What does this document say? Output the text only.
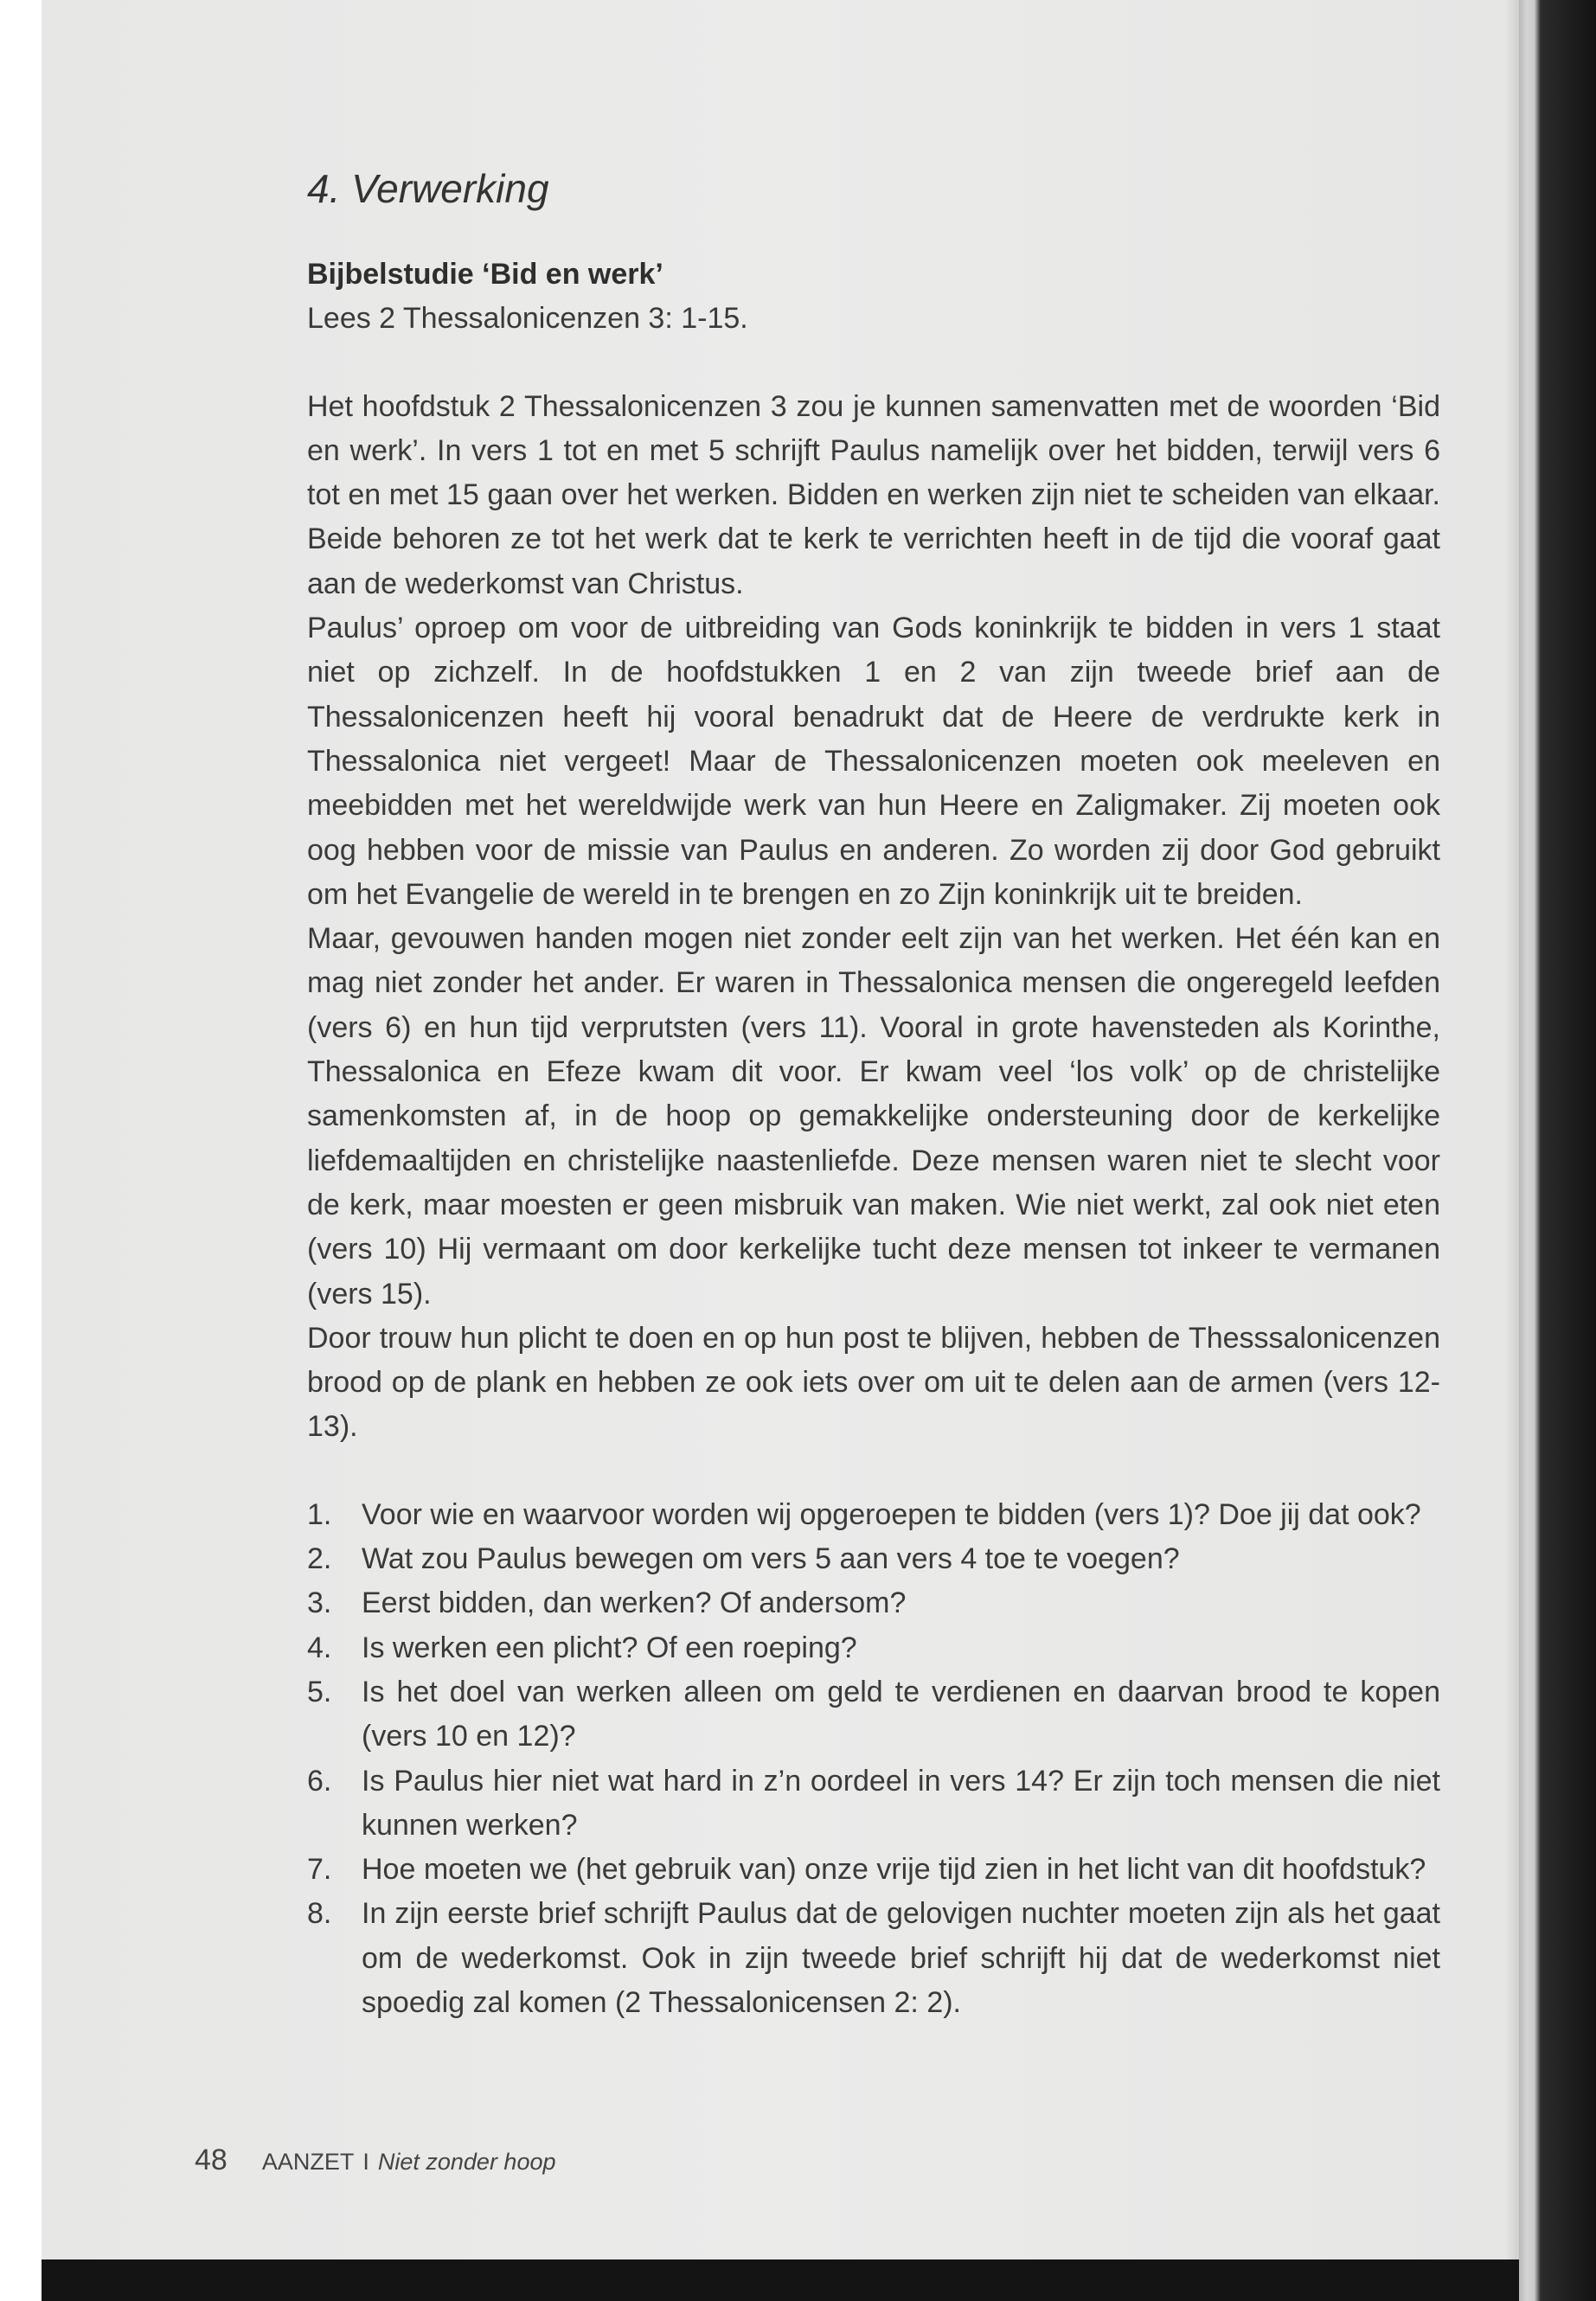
4. Verwerking

Bijbelstudie ‘Bid en werk’

Lees 2 Thessalonicenzen 3: 1-15.

Het hoofdstuk 2 Thessalonicenzen 3 zou je kunnen samenvatten met de woorden ‘Bid en werk’. In vers 1 tot en met 5 schrijft Paulus namelijk over het bidden, terwijl vers 6 tot en met 15 gaan over het werken. Bidden en werken zijn niet te scheiden van elkaar. Beide behoren ze tot het werk dat te kerk te verrichten heeft in de tijd die vooraf gaat aan de wederkomst van Christus.

Paulus’ oproep om voor de uitbreiding van Gods koninkrijk te bidden in vers 1 staat niet op zichzelf. In de hoofdstukken 1 en 2 van zijn tweede brief aan de Thessalonicenzen heeft hij vooral benadrukt dat de Heere de verdrukte kerk in Thessalonica niet vergeet! Maar de Thessalonicenzen moeten ook meeleven en meebidden met het wereldwijde werk van hun Heere en Zaligmaker. Zij moeten ook oog hebben voor de missie van Paulus en anderen. Zo worden zij door God gebruikt om het Evangelie de wereld in te brengen en zo Zijn koninkrijk uit te breiden.

Maar, gevouwen handen mogen niet zonder eelt zijn van het werken. Het één kan en mag niet zonder het ander. Er waren in Thessalonica mensen die ongeregeld leefden (vers 6) en hun tijd verprutsten (vers 11). Vooral in grote havensteden als Korinthe, Thessalonica en Efeze kwam dit voor. Er kwam veel ‘los volk’ op de christelijke samenkomsten af, in de hoop op gemakkelijke ondersteuning door de kerkelijke liefdemaaltijden en christelijke naastenliefde. Deze mensen waren niet te slecht voor de kerk, maar moesten er geen misbruik van maken. Wie niet werkt, zal ook niet eten (vers 10) Hij vermaant om door kerkelijke tucht deze mensen tot inkeer te vermanen (vers 15).

Door trouw hun plicht te doen en op hun post te blijven, hebben de Thesssalonicenzen brood op de plank en hebben ze ook iets over om uit te delen aan de armen (vers 12-13).

1. Voor wie en waarvoor worden wij opgeroepen te bidden (vers 1)? Doe jij dat ook?
2. Wat zou Paulus bewegen om vers 5 aan vers 4 toe te voegen?
3. Eerst bidden, dan werken? Of andersom?
4. Is werken een plicht? Of een roeping?
5. Is het doel van werken alleen om geld te verdienen en daarvan brood te kopen (vers 10 en 12)?
6. Is Paulus hier niet wat hard in z’n oordeel in vers 14? Er zijn toch mensen die niet kunnen werken?
7. Hoe moeten we (het gebruik van) onze vrije tijd zien in het licht van dit hoofdstuk?
8. In zijn eerste brief schrijft Paulus dat de gelovigen nuchter moeten zijn als het gaat om de wederkomst. Ook in zijn tweede brief schrijft hij dat de wederkomst niet spoedig zal komen (2 Thessalonicensen 2: 2).
48 AANZET I Niet zonder hoop
